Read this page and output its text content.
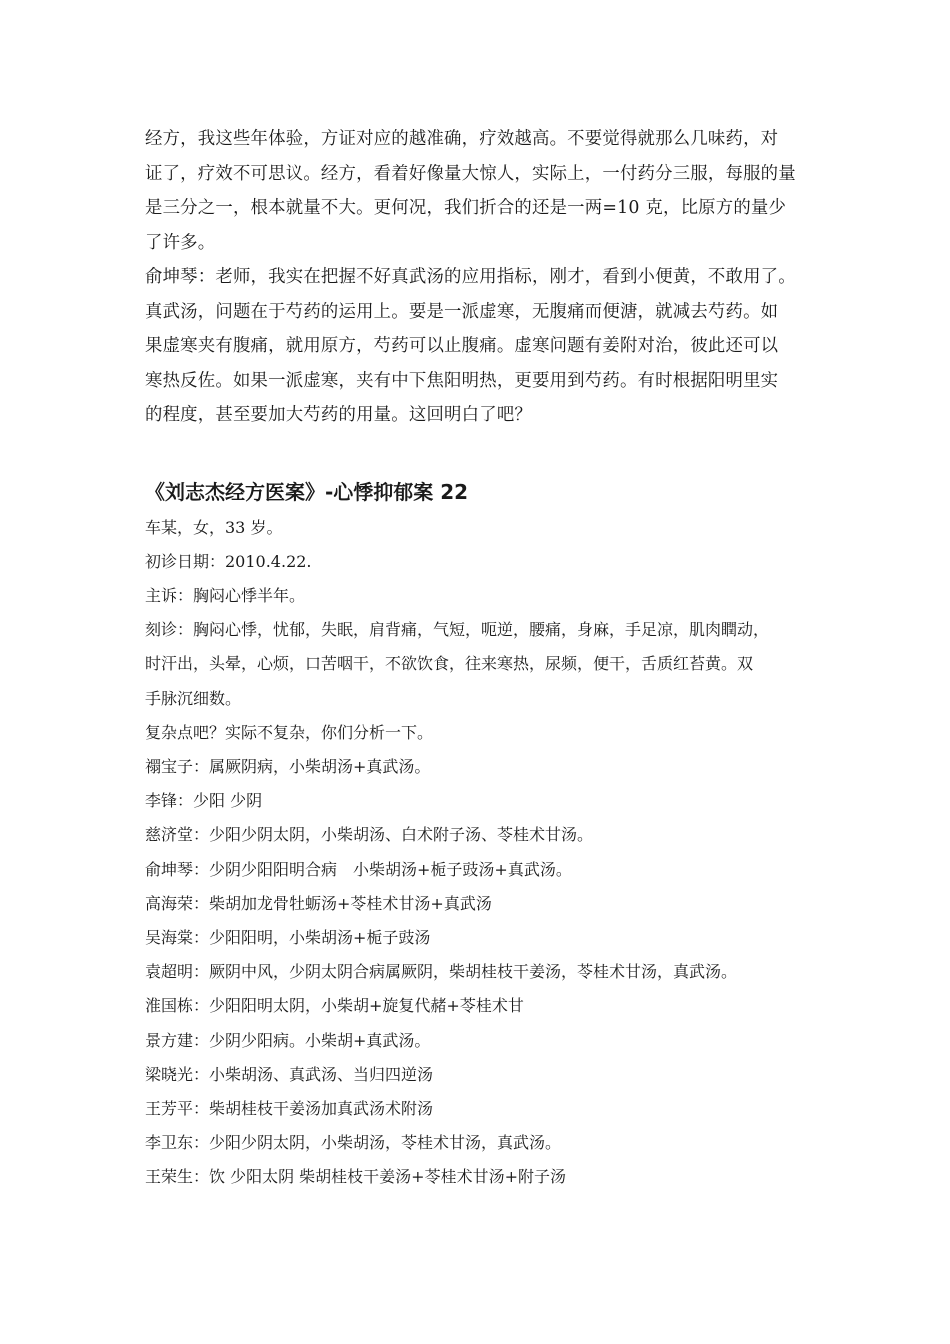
经方，我这些年体验，方证对应的越准确，疗效越高。不要觉得就那么几味药，对
证了，疗效不可思议。经方，看着好像量大惊人，实际上，一付药分三服，每服的量
是三分之一，根本就量不大。更何况，我们折合的还是一两=10 克，比原方的量少
了许多。
俞坤琴：老师，我实在把握不好真武汤的应用指标，刚才，看到小便黄，不敢用了。
真武汤，问题在于芍药的运用上。要是一派虚寒，无腹痛而便溏，就减去芍药。如
果虚寒夹有腹痛，就用原方，芍药可以止腹痛。虚寒问题有姜附对治，彼此还可以
寒热反佐。如果一派虚寒，夹有中下焦阳明热，更要用到芍药。有时根据阳明里实
的程度，甚至要加大芍药的用量。这回明白了吧？
《刘志杰经方医案》-心悸抑郁案 22
车某，女，33 岁。
初诊日期：2010.4.22.
主诉：胸闷心悸半年。
刻诊：胸闷心悸，忧郁，失眠，肩背痛，气短，呃逆，腰痛，身麻，手足凉，肌肉瞤动，
时汗出，头晕，心烦，口苦咽干，不欲饮食，往来寒热，尿频，便干，舌质红苔黄。双
手脉沉细数。
复杂点吧？实际不复杂，你们分析一下。
禤宝子：属厥阴病，小柴胡汤+真武汤。
李锋：少阳 少阴
慈济堂：少阳少阴太阴，小柴胡汤、白术附子汤、苓桂术甘汤。
俞坤琴：少阴少阳阳明合病　小柴胡汤+栀子豉汤+真武汤。
高海荣：柴胡加龙骨牡蛎汤+苓桂术甘汤+真武汤
吴海棠：少阳阳明，小柴胡汤+栀子豉汤
袁超明：厥阴中风，少阴太阴合病属厥阴，柴胡桂枝干姜汤，苓桂术甘汤，真武汤。
淮国栋：少阳阳明太阴，小柴胡+旋复代赭+苓桂术甘
景方建：少阴少阳病。小柴胡+真武汤。
梁晓光：小柴胡汤、真武汤、当归四逆汤
王芳平：柴胡桂枝干姜汤加真武汤术附汤
李卫东：少阳少阴太阴，小柴胡汤，苓桂术甘汤，真武汤。
王荣生：饮 少阳太阴 柴胡桂枝干姜汤+苓桂术甘汤+附子汤
